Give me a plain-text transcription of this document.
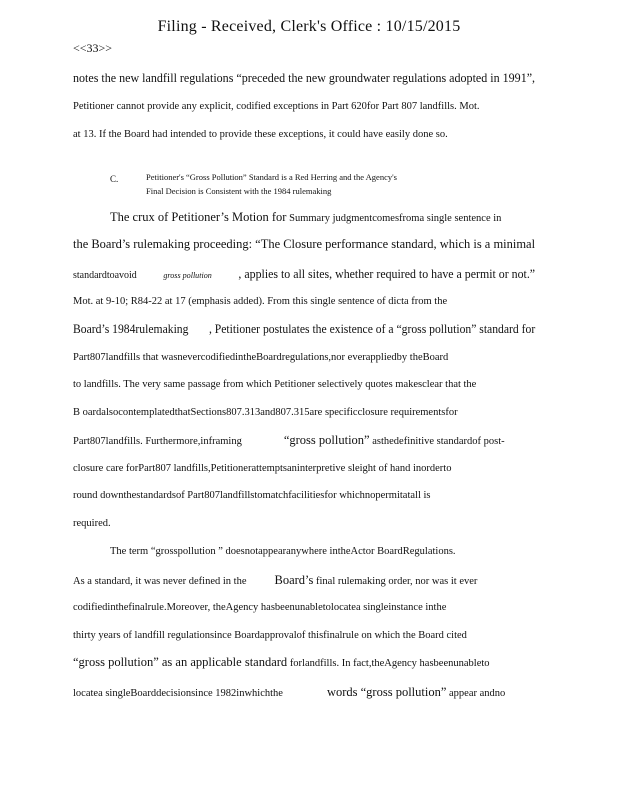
Filing - Received, Clerk's Office : 10/15/2015
<<33>>
notes the new landfill regulations “preceded the new groundwater regulations adopted in 1991”,
Petitioner cannot provide any explicit, codified exceptions in Part 620for Part 807 landfills. Mot.
at 13. If the Board had intended to provide these exceptions, it could have easily done so.
C.	Petitioner's “Gross Pollution” Standard is a Red Herring and the Agency's
Final Decision is Consistent with the 1984 rulemaking
The crux of Petitioner’s Motion for Summary judgmentcomesfroma single sentence in
the Board’s rulemaking proceeding: “The Closure performance standard, which is a minimal
standardtoavoid	gross pollution , applies to all sites, whether required to have a permit or not.”
Mot. at 9-10; R84-22 at 17 (emphasis added). From this single sentence of dicta from the
Board’s 1984rulemaking , Petitioner postulates the existence of a “gross pollution” standard for
Part807landfills that wasnevercodifiedintheBoardregulations,nor everappliedby theBoard
to landfills. The very same passage from which Petitioner selectively quotes makesclear that the
B oardalsocontemplatedthatSections807.313and807.315are specificclosure requirementsfor
Part807landfills. Furthermore,inframing	“gross pollution” asthedefinitive standardof post-
closure care forPart807 landfills,Petitionerattemptsaninterpretive sleight of hand inorderto
round downthestandardsof Part807landfillstomatchfacilitiesfor whichnopermitatall is
required.
The term “grosspollution ” doesnotappearanywhere intheActor BoardRegulations.
As a standard, it was never defined in the Board’s final rulemaking order, nor was it ever
codifiedinthefinalrule.Moreover, theAgency hasbeenunabletolocatea singleinstance inthe
thirty years of landfill regulationsince Boardapprovalof thisfinalrule on which the Board cited
“gross pollution” as an applicable standard forlandfills. In fact,theAgency hasbeenunableto
locatea singleBoarddecisionsince 1982inwhichthe	words “gross pollution” appear andno
